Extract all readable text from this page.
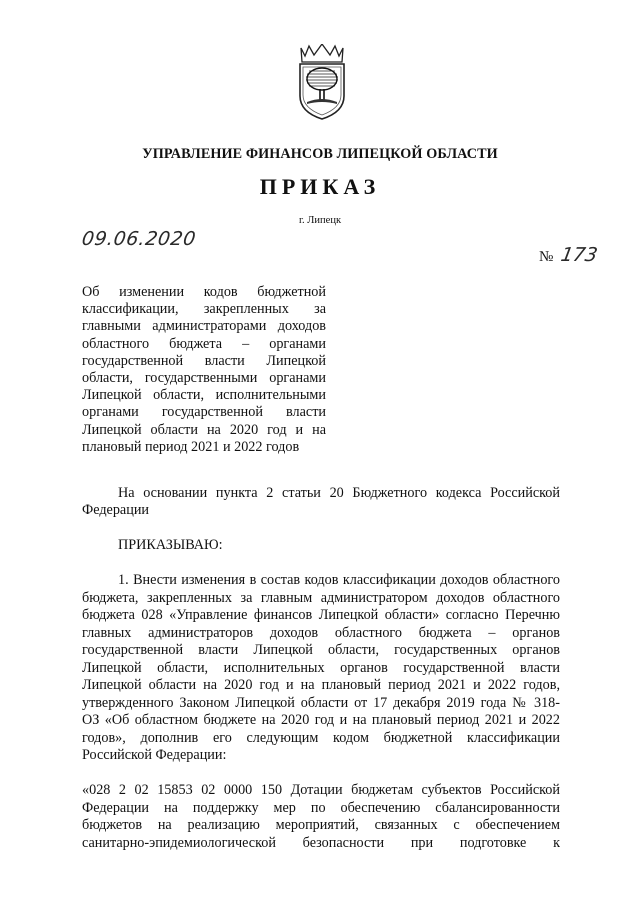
УПРАВЛЕНИЕ ФИНАНСОВ ЛИПЕЦКОЙ ОБЛАСТИ
ПРИКАЗ
г. Липецк
09.06.2020
№ 173
Об изменении кодов бюджетной
классификации, закрепленных за
главными администраторами доходов
областного бюджета – органами
государственной власти Липецкой
области, государственными органами
Липецкой области, исполнительными
органами государственной власти
Липецкой области на 2020 год и на
плановый период 2021 и 2022 годов
На основании пункта 2 статьи 20 Бюджетного кодекса Российской
Федерации
ПРИКАЗЫВАЮ:
1. Внести изменения в состав кодов классификации доходов областного
бюджета, закрепленных за главным администратором доходов областного
бюджета 028 «Управление финансов Липецкой области» согласно Перечню
главных администраторов доходов областного бюджета – органов
государственной власти Липецкой области, государственных органов
Липецкой области, исполнительных органов государственной власти
Липецкой области на 2020 год и на плановый период 2021 и 2022 годов,
утвержденного Законом Липецкой области от 17 декабря 2019 года № 318-
ОЗ «Об областном бюджете на 2020 год и на плановый период 2021 и 2022
годов», дополнив его следующим кодом бюджетной классификации
Российской Федерации:
«028 2 02 15853 02 0000 150 Дотации бюджетам субъектов Российской
Федерации на поддержку мер по обеспечению сбалансированности
бюджетов на реализацию мероприятий, связанных с обеспечением
санитарно-эпидемиологической безопасности при подготовке к
